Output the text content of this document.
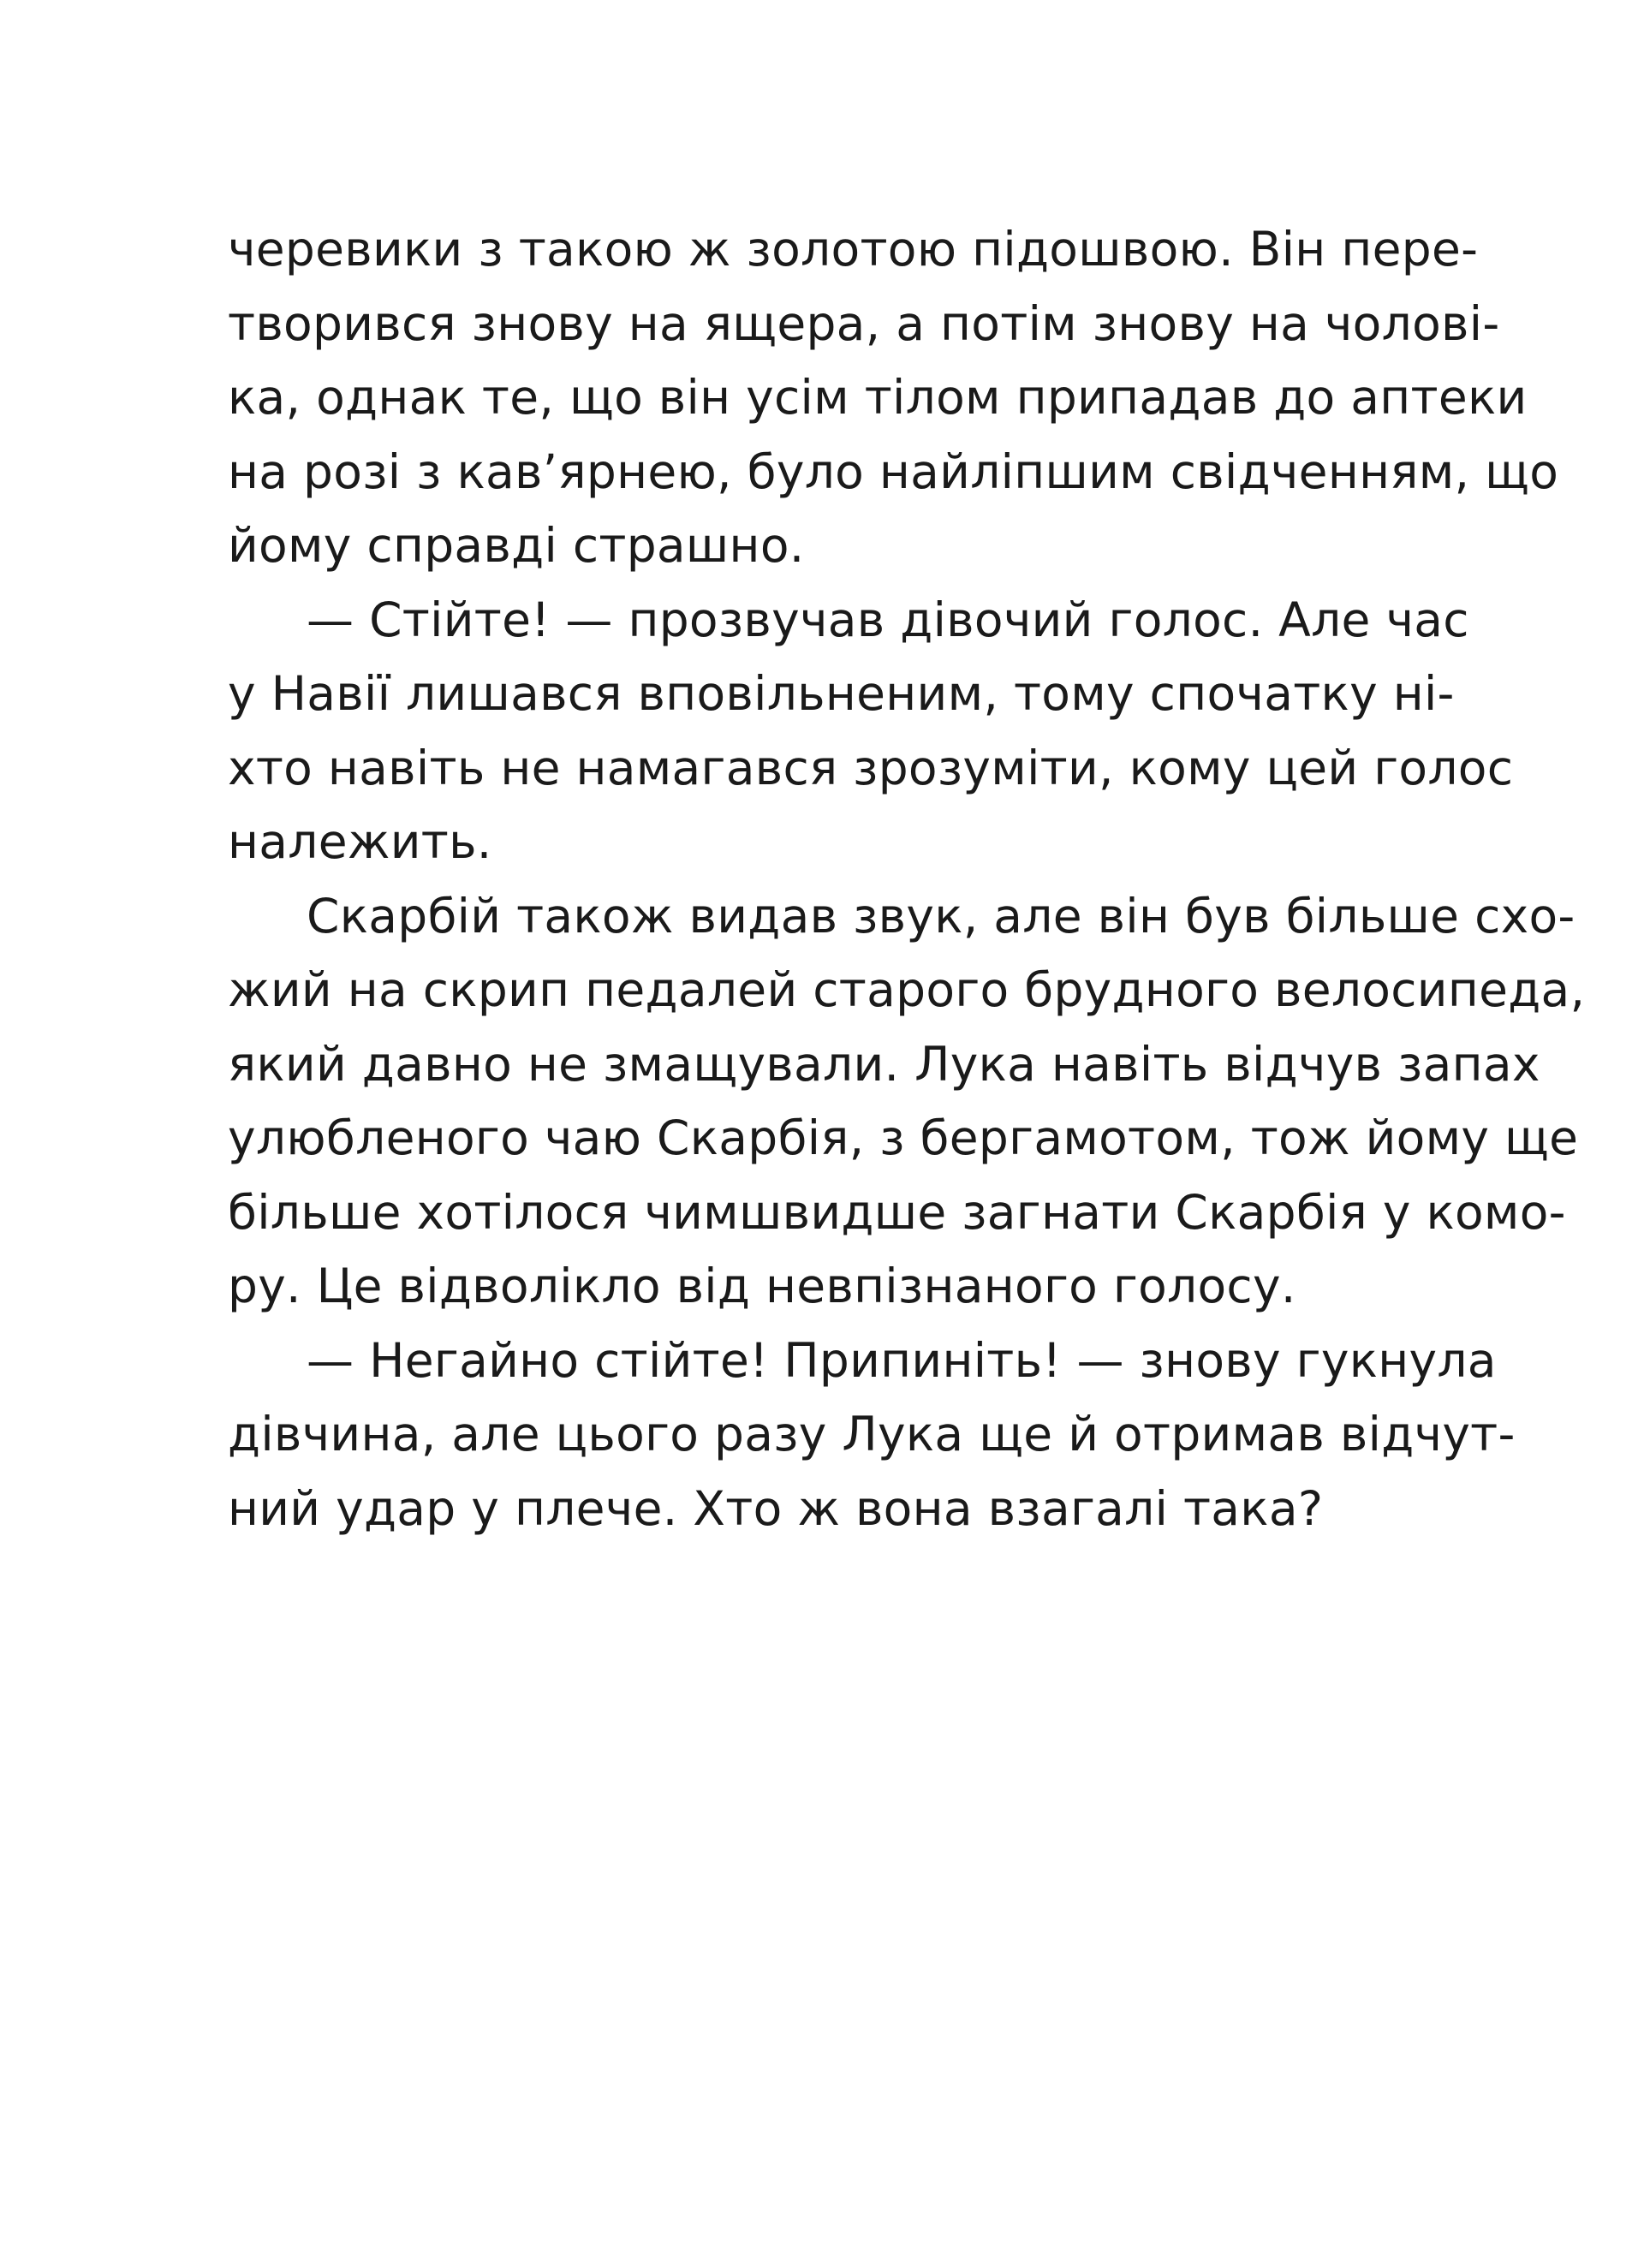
черевики з такою ж золотою підошвою. Він пере-
творився знову на ящера, а потім знову на чолові-
ка, однак те, що він усім тілом припадав до аптеки
на розі з кав’ярнею, було найліпшим свідченням, що
йому справді страшно.
— Стійте! — прозвучав дівочий голос. Але час
у Навії лишався вповільненим, тому спочатку ні-
хто навіть не намагався зрозуміти, кому цей голос
належить.
Скарбій також видав звук, але він був більше схо-
жий на скрип педалей старого брудного велосипеда,
який давно не змащували. Лука навіть відчув запах
улюбленого чаю Скарбія, з бергамотом, тож йому ще
більше хотілося чимшвидше загнати Скарбія у комо-
ру. Це відволікло від невпізнаного голосу.
— Негайно стійте! Припиніть! — знову гукнула
дівчина, але цього разу Лука ще й отримав відчут-
ний удар у плече. Хто ж вона взагалі така?
